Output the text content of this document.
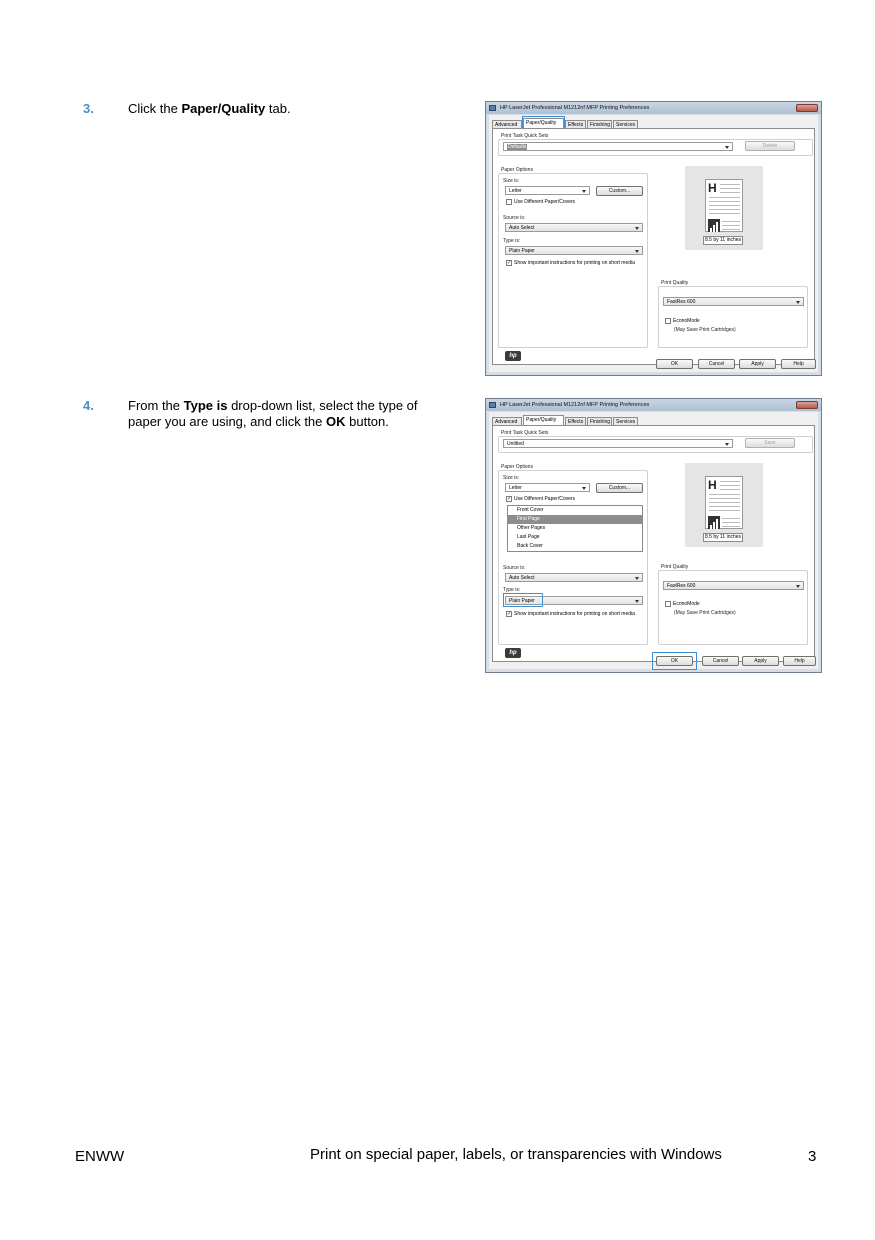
3.	Click the Paper/Quality tab.	HP LaserJet Professional M1212nf MFP Printing Preferences
Advanced	Paper/Quality	Effects	Finishing	Services
Print Task Quick Sets
Defaults	Delete
Paper Options
Size is:
Letter	Custom...
Use Different Paper/Covers
Source is:
Auto Select
Type is:
Plain Paper
✓ Show important instructions for printing on short media
H
8.5 by 11 inches
Print Quality
FastRes 600
EconoMode
(May Save Print Cartridges)
hp
OK	Cancel	Apply	Help
4.	From the Type is drop-down list, select the type of paper you are using, and click the OK button.
HP LaserJet Professional M1212nf MFP Printing Preferences
Advanced	Paper/Quality	Effects	Finishing	Services
Print Task Quick Sets
Untitled	Save
Paper Options
Size is:
Letter	Custom...
✓ Use Different Paper/Covers
Front Cover
First Page
Other Pages
Last Page
Back Cover
Source is:
Auto Select
Type is:
Plain Paper
✓ Show important instructions for printing on short media
H
8.5 by 11 inches
Print Quality
FastRes 600
EconoMode
(May Save Print Cartridges)
hp
OK	Cancel	Apply	Help
ENWW	Print on special paper, labels, or transparencies with Windows	3
